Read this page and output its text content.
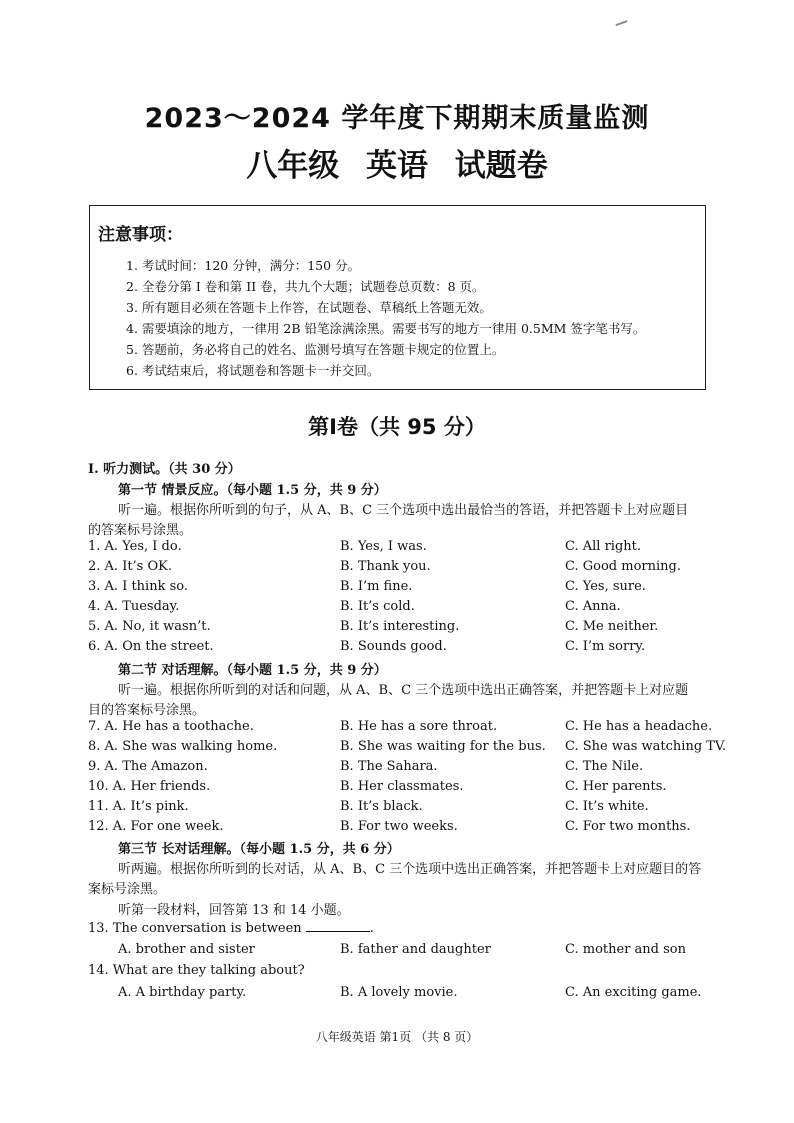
2023～2024 学年度下期期末质量监测
八年级 英语 试题卷
注意事项：
1. 考试时间：120 分钟，满分：150 分。
2. 全卷分第 I 卷和第 II 卷，共九个大题；试题卷总页数：8 页。
3. 所有题目必须在答题卡上作答，在试题卷、草稿纸上答题无效。
4. 需要填涂的地方，一律用 2B 铅笔涂满涂黑。需要书写的地方一律用 0.5MM 签字笔书写。
5. 答题前，务必将自己的姓名、监测号填写在答题卡规定的位置上。
6. 考试结束后，将试题卷和答题卡一并交回。
第Ⅰ卷（共 95 分）
I. 听力测试。（共 30 分）
第一节 情景反应。（每小题 1.5 分，共 9 分）
听一遍。根据你所听到的句子，从 A、B、C 三个选项中选出最恰当的答语，并把答题卡上对应题目
的答案标号涂黑。
1. A. Yes, I do.	B. Yes, I was.	C. All right.
2. A. It’s OK.	B. Thank you.	C. Good morning.
3. A. I think so.	B. I’m fine.	C. Yes, sure.
4. A. Tuesday.	B. It’s cold.	C. Anna.
5. A. No, it wasn’t.	B. It’s interesting.	C. Me neither.
6. A. On the street.	B. Sounds good.	C. I’m sorry.
第二节 对话理解。（每小题 1.5 分，共 9 分）
听一遍。根据你所听到的对话和问题，从 A、B、C 三个选项中选出正确答案，并把答题卡上对应题
目的答案标号涂黑。
7. A. He has a toothache.	B. He has a sore throat.	C. He has a headache.
8. A. She was walking home.	B. She was waiting for the bus. C. She was watching TV.
9. A. The Amazon.	B. The Sahara.	C. The Nile.
10. A. Her friends.	B. Her classmates.	C. Her parents.
11. A. It’s pink.	B. It’s black.	C. It’s white.
12. A. For one week.	B. For two weeks.	C. For two months.
第三节 长对话理解。（每小题 1.5 分，共 6 分）
听两遍。根据你所听到的长对话，从 A、B、C 三个选项中选出正确答案，并把答题卡上对应题目的答
案标号涂黑。
听第一段材料，回答第 13 和 14 小题。
13. The conversation is between	.
A. brother and sister	B. father and daughter	C. mother and son
14. What are they talking about?
A. A birthday party.	B. A lovely movie.	C. An exciting game.
八年级英语 第1页 （共 8 页）
